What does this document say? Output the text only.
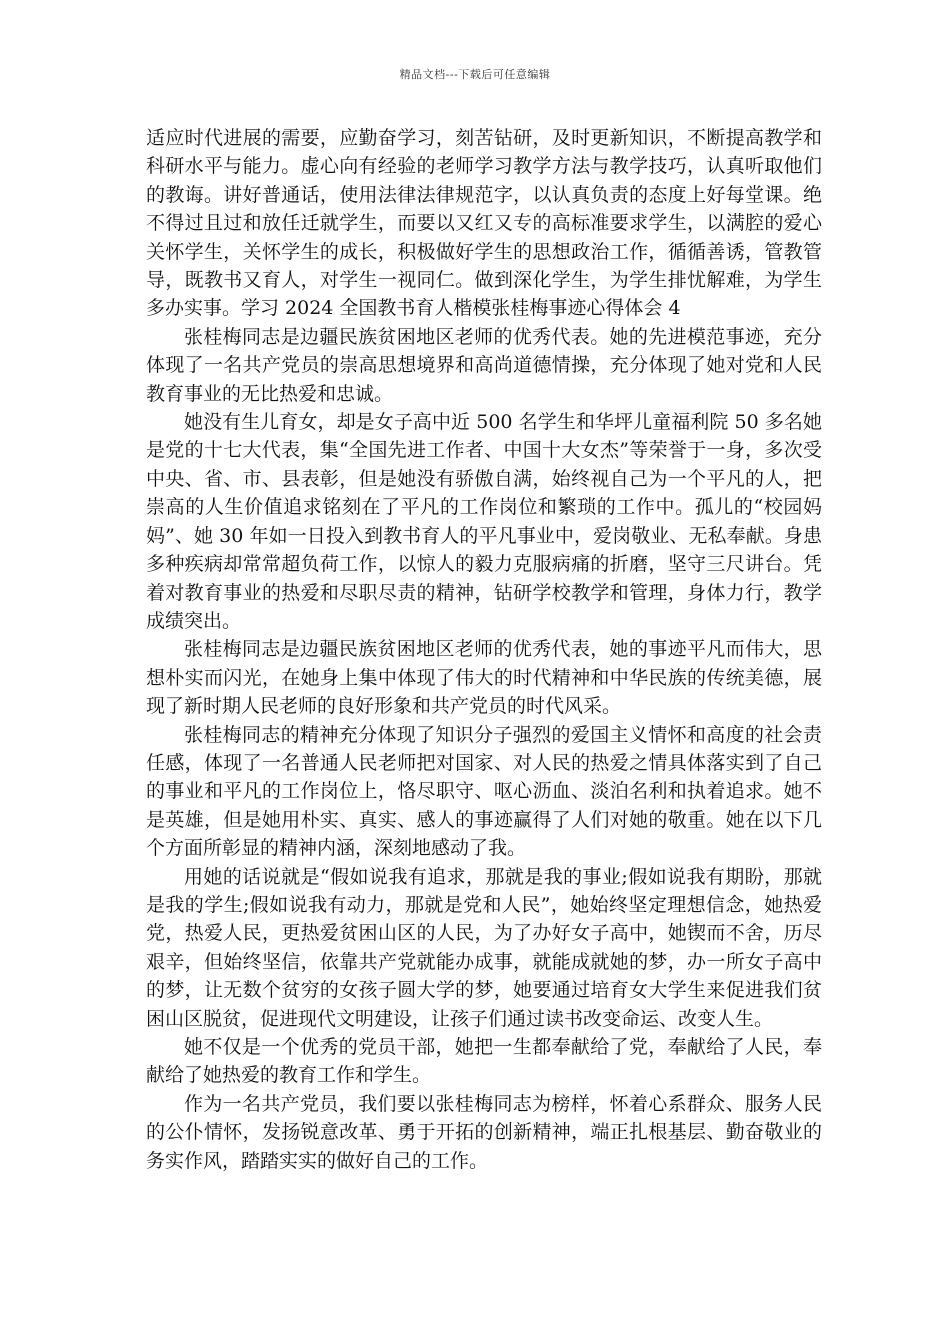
精品文档---下载后可任意编辑

适应时代进展的需要，应勤奋学习，刻苦钻研，及时更新知识，不断提高教学和科研水平与能力。虚心向有经验的老师学习教学方法与教学技巧，认真听取他们的教诲。讲好普通话，使用法律法律规范字，以认真负责的态度上好每堂课。绝不得过且过和放任迁就学生，而要以又红又专的高标准要求学生，以满腔的爱心关怀学生，关怀学生的成长，积极做好学生的思想政治工作，循循善诱，管教管导，既教书又育人，对学生一视同仁。做到深化学生，为学生排忧解难，为学生多办实事。学习 2024 全国教书育人楷模张桂梅事迹心得体会 4

张桂梅同志是边疆民族贫困地区老师的优秀代表。她的先进模范事迹，充分体现了一名共产党员的崇高思想境界和高尚道德情操，充分体现了她对党和人民教育事业的无比热爱和忠诚。

她没有生儿育女，却是女子高中近 500 名学生和华坪儿童福利院 50 多名她是党的十七大代表，集“全国先进工作者、中国十大女杰”等荣誉于一身，多次受中央、省、市、县表彰，但是她没有骄傲自满，始终视自己为一个平凡的人，把崇高的人生价值追求铭刻在了平凡的工作岗位和繁琐的工作中。孤儿的“校园妈妈”、她 30 年如一日投入到教书育人的平凡事业中，爱岗敬业、无私奉献。身患多种疾病却常常超负荷工作，以惊人的毅力克服病痛的折磨，坚守三尺讲台。凭着对教育事业的热爱和尽职尽责的精神，钻研学校教学和管理，身体力行，教学成绩突出。

张桂梅同志是边疆民族贫困地区老师的优秀代表，她的事迹平凡而伟大，思想朴实而闪光，在她身上集中体现了伟大的时代精神和中华民族的传统美德，展现了新时期人民老师的良好形象和共产党员的时代风采。

张桂梅同志的精神充分体现了知识分子强烈的爱国主义情怀和高度的社会责任感，体现了一名普通人民老师把对国家、对人民的热爱之情具体落实到了自己的事业和平凡的工作岗位上，恪尽职守、呕心沥血、淡泊名利和执着追求。她不是英雄，但是她用朴实、真实、感人的事迹赢得了人们对她的敬重。她在以下几个方面所彰显的精神内涵，深刻地感动了我。

用她的话说就是“假如说我有追求，那就是我的事业;假如说我有期盼，那就是我的学生;假如说我有动力，那就是党和人民”，她始终坚定理想信念，她热爱党，热爱人民，更热爱贫困山区的人民，为了办好女子高中，她锲而不舍，历尽艰辛，但始终坚信，依靠共产党就能办成事，就能成就她的梦，办一所女子高中的梦，让无数个贫穷的女孩子圆大学的梦，她要通过培育女大学生来促进我们贫困山区脱贫，促进现代文明建设，让孩子们通过读书改变命运、改变人生。

她不仅是一个优秀的党员干部，她把一生都奉献给了党，奉献给了人民，奉献给了她热爱的教育工作和学生。

作为一名共产党员，我们要以张桂梅同志为榜样，怀着心系群众、服务人民的公仆情怀，发扬锐意改革、勇于开拓的创新精神，端正扎根基层、勤奋敬业的务实作风，踏踏实实的做好自己的工作。
